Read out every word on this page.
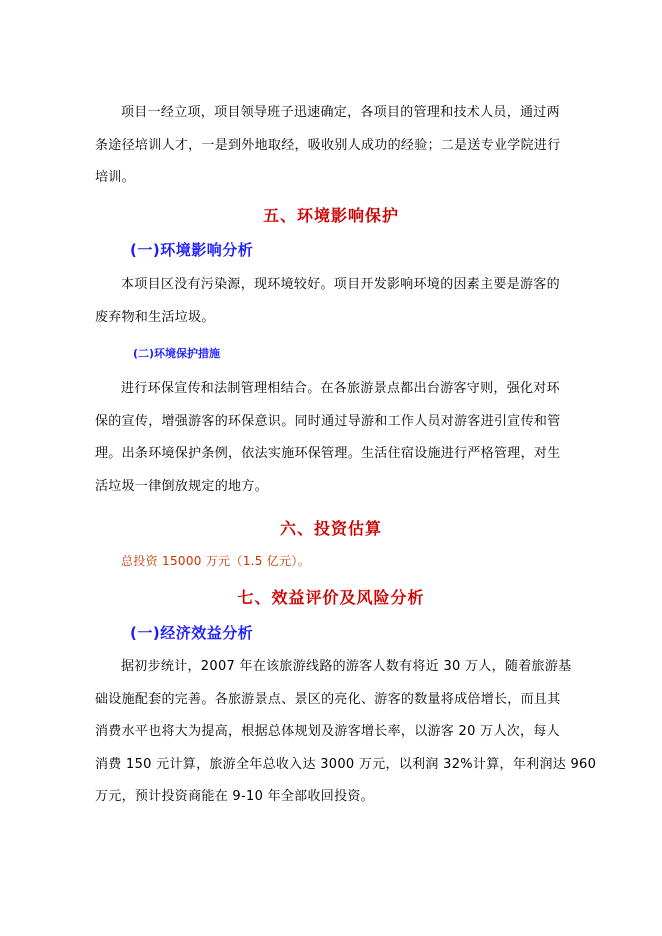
项目一经立项，项目领导班子迅速确定，各项目的管理和技术人员，通过两
条途径培训人才，一是到外地取经，吸收别人成功的经验；二是送专业学院进行
培训。
五、环境影响保护
(一)环境影响分析
本项目区没有污染源，现环境较好。项目开发影响环境的因素主要是游客的
废弃物和生活垃圾。
(二)环境保护措施
进行环保宣传和法制管理相结合。在各旅游景点都出台游客守则，强化对环
保的宣传，增强游客的环保意识。同时通过导游和工作人员对游客进引宣传和管
理。出条环境保护条例，依法实施环保管理。生活住宿设施进行严格管理，对生
活垃圾一律倒放规定的地方。
六、投资估算

总投资 15000 万元（1.5 亿元）。

七、效益评价及风险分析
(一)经济效益分析
据初步统计，2007 年在该旅游线路的游客人数有将近 30 万人，随着旅游基
础设施配套的完善。各旅游景点、景区的亮化、游客的数量将成倍增长，而且其
消费水平也将大为提高，根据总体规划及游客增长率，以游客 20 万人次，每人
消费 150 元计算，旅游全年总收入达 3000 万元，以利润 32%计算，年利润达 960
万元，预计投资商能在 9-10 年全部收回投资。
